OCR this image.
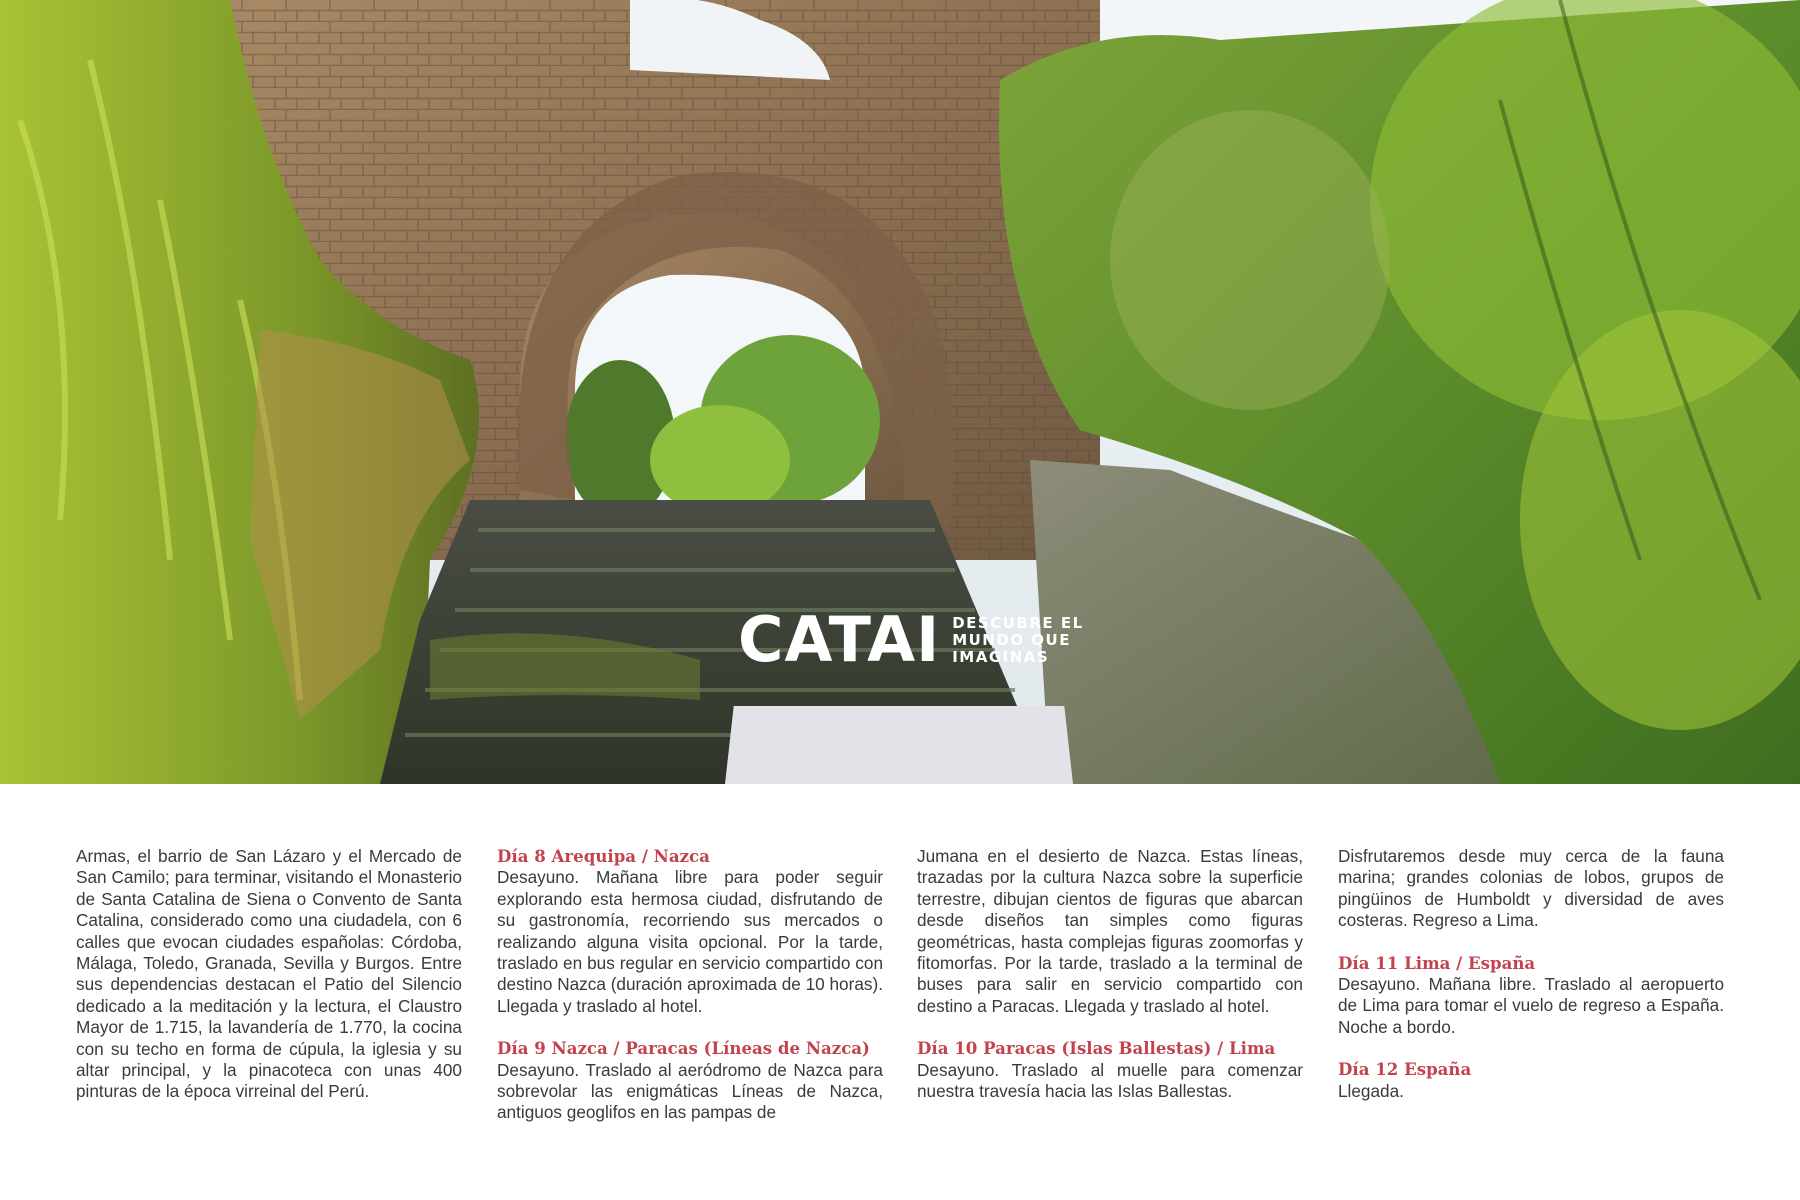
CATAI DESCUBRE EL
MUNDO QUE
IMAGINAS

Armas, el barrio de San Lázaro y el Mercado de San Camilo; para terminar, visitando el Monasterio de Santa Catalina de Siena o Convento de Santa Catalina, considerado como una ciudadela, con 6 calles que evocan ciudades españolas: Córdoba, Málaga, Toledo, Granada, Sevilla y Burgos. Entre sus dependencias destacan el Patio del Silencio dedicado a la meditación y la lectura, el Claustro Mayor de 1.715, la lavandería de 1.770, la cocina con su techo en forma de cúpula, la iglesia y su altar principal, y la pinacoteca con unas 400 pinturas de la época virreinal del Perú.

Día 8 Arequipa / Nazca

Desayuno. Mañana libre para poder seguir explorando esta hermosa ciudad, disfrutando de su gastronomía, recorriendo sus mercados o realizando alguna visita opcional. Por la tarde, traslado en bus regular en servicio compartido con destino Nazca (duración aproximada de 10 horas). Llegada y traslado al hotel.

Día 9 Nazca / Paracas (Líneas de Nazca)

Desayuno. Traslado al aeródromo de Nazca para sobrevolar las enigmáticas Líneas de Nazca, antiguos geoglifos en las pampas de

Jumana en el desierto de Nazca. Estas líneas, trazadas por la cultura Nazca sobre la superficie terrestre, dibujan cientos de figuras que abarcan desde diseños tan simples como figuras geométricas, hasta complejas figuras zoomorfas y fitomorfas. Por la tarde, traslado a la terminal de buses para salir en servicio compartido con destino a Paracas. Llegada y traslado al hotel.

Día 10 Paracas (Islas Ballestas) / Lima

Desayuno. Traslado al muelle para comenzar nuestra travesía hacia las Islas Ballestas.

Disfrutaremos desde muy cerca de la fauna marina; grandes colonias de lobos, grupos de pingüinos de Humboldt y diversidad de aves costeras. Regreso a Lima.

Día 11 Lima / España

Desayuno. Mañana libre. Traslado al aeropuerto de Lima para tomar el vuelo de regreso a España. Noche a bordo.

Día 12 España

Llegada.
